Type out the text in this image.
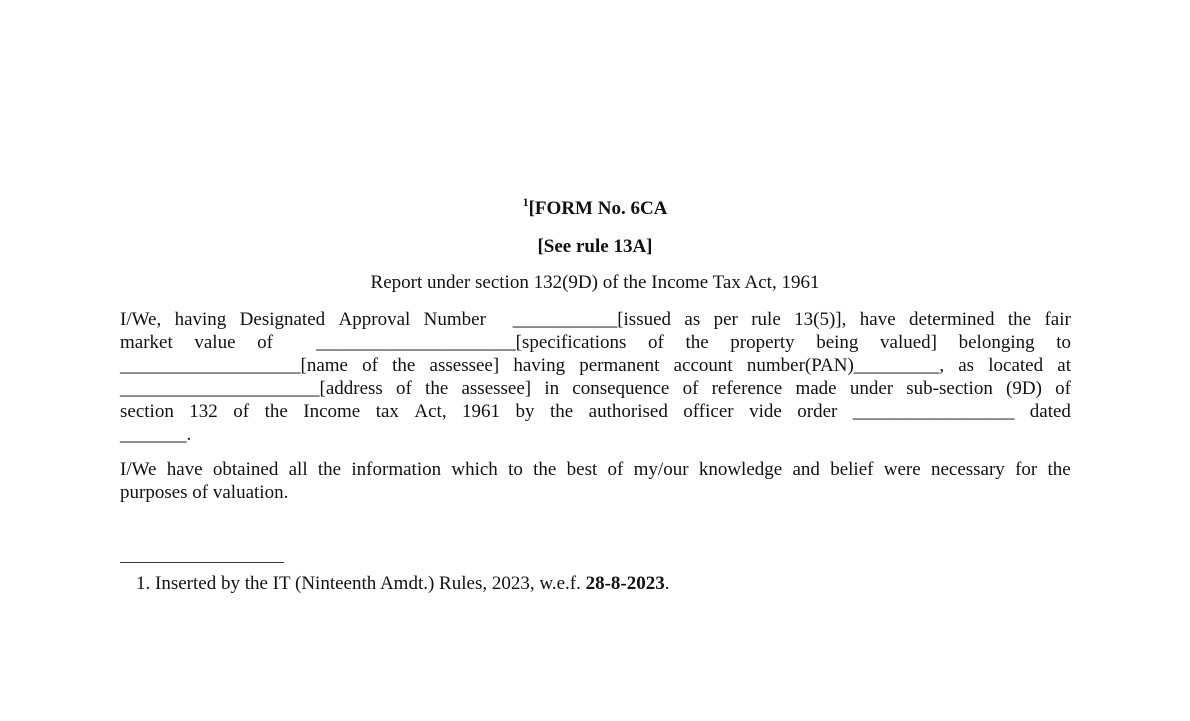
$^1$[FORM No. 6CA
[See rule 13A]
Report under section 132(9D) of the Income Tax Act, 1961
I/We, having Designated Approval Number ___________[issued as per rule 13(5)], have determined the fair
market value of _____________________[specifications of the property being valued] belonging to
___________________[name of the assessee] having permanent account number(PAN)_________, as located at
_____________________[address of the assessee] in consequence of reference made under sub-section (9D) of
section 132 of the Income tax Act, 1961 by the authorised officer vide order _________________ dated
_______.
I/We have obtained all the information which to the best of my/our knowledge and belief were necessary for the
purposes of valuation.
1. Inserted by the IT (Ninteenth Amdt.) Rules, 2023, w.e.f. 28-8-2023.
